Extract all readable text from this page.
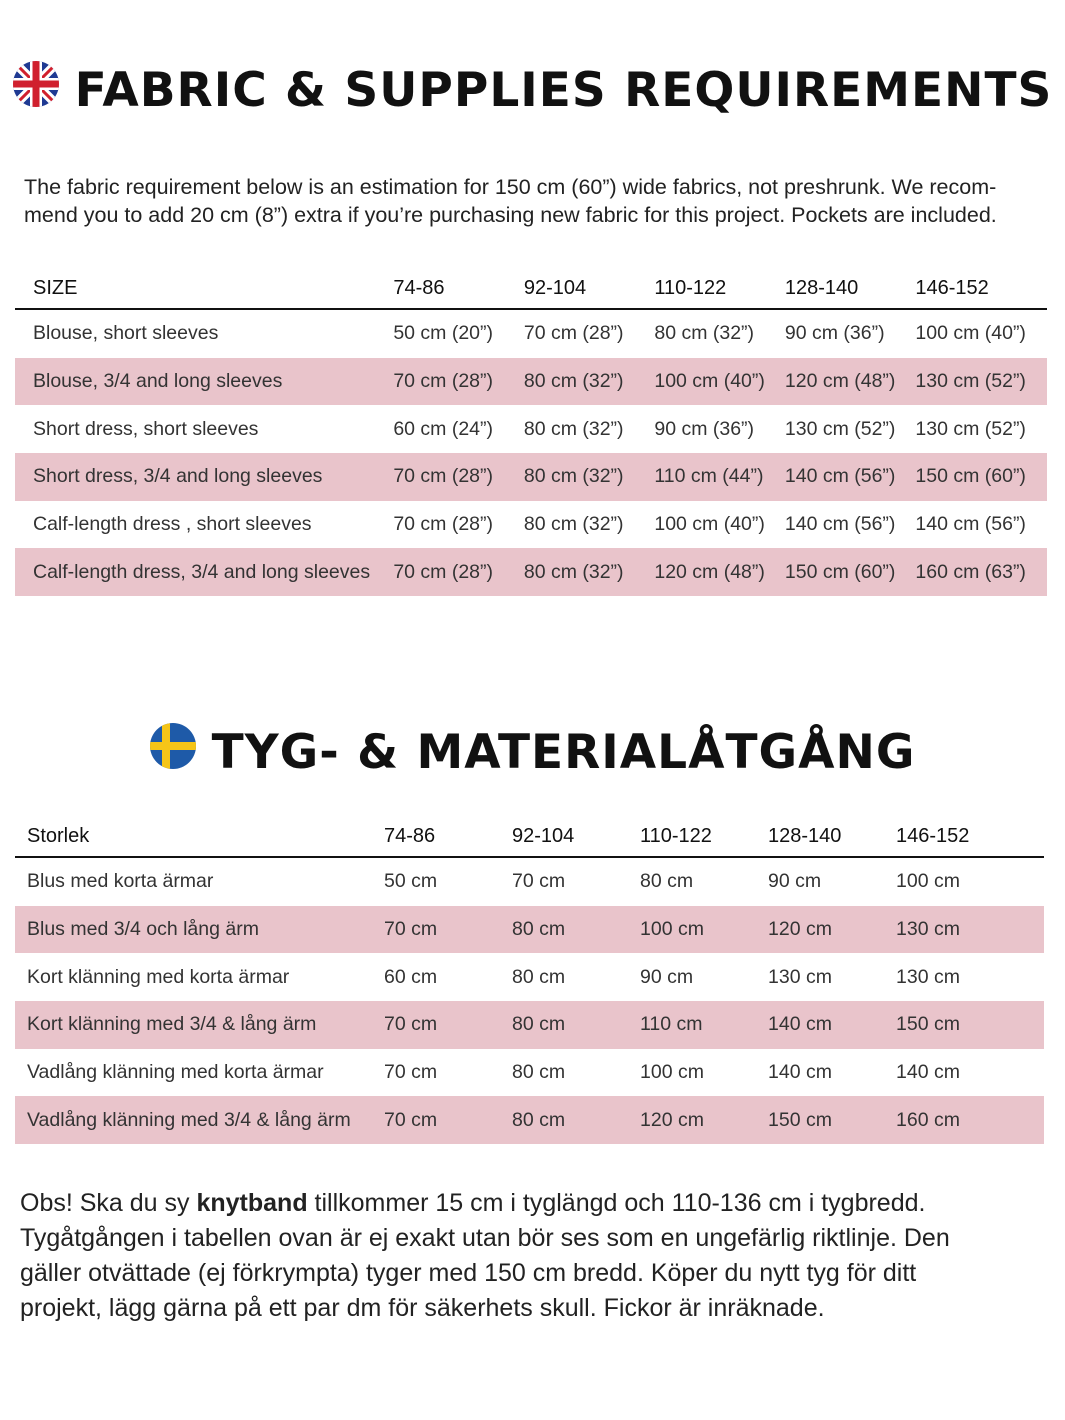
FABRIC & SUPPLIES REQUIREMENTS

The fabric requirement below is an estimation for 150 cm (60”) wide fabrics, not preshrunk. We recom-
mend you to add 20 cm (8”) extra if you’re purchasing new fabric for this project. Pockets are included.

SIZE	74-86	92-104	110-122	128-140	146-152
Blouse, short sleeves	50 cm (20”)	70 cm (28”)	80 cm (32”)	90 cm (36”)	100 cm (40”)
Blouse, 3/4 and long sleeves	70 cm (28”)	80 cm (32”)	100 cm (40”)	120 cm (48”)	130 cm (52”)
Short dress, short sleeves	60 cm (24”)	80 cm (32”)	90 cm (36”)	130 cm (52”)	130 cm (52”)
Short dress, 3/4 and long sleeves	70 cm (28”)	80 cm (32”)	110 cm (44”)	140 cm (56”)	150 cm (60”)
Calf-length dress , short sleeves	70 cm (28”)	80 cm (32”)	100 cm (40”)	140 cm (56”)	140 cm (56”)
Calf-length dress, 3/4 and long sleeves	70 cm (28”)	80 cm (32”)	120 cm (48”)	150 cm (60”)	160 cm (63”)
TYG- & MATERIALÅTGÅNG
Storlek	74-86	92-104	110-122	128-140	146-152
Blus med korta ärmar	50 cm	70 cm	80 cm	90 cm	100 cm
Blus med 3/4 och lång ärm	70 cm	80 cm	100 cm	120 cm	130 cm
Kort klänning med korta ärmar	60 cm	80 cm	90 cm	130 cm	130 cm
Kort klänning med 3/4 & lång ärm	70 cm	80 cm	110 cm	140 cm	150 cm
Vadlång klänning med korta ärmar	70 cm	80 cm	100 cm	140 cm	140 cm
Vadlång klänning med 3/4 & lång ärm	70 cm	80 cm	120 cm	150 cm	160 cm

Obs! Ska du sy knytband tillkommer 15 cm i tyglängd och 110-136 cm i tygbredd.
Tygåtgången i tabellen ovan är ej exakt utan bör ses som en ungefärlig riktlinje. Den
gäller otvättade (ej förkrympta) tyger med 150 cm bredd. Köper du nytt tyg för ditt
projekt, lägg gärna på ett par dm för säkerhets skull. Fickor är inräknade.
